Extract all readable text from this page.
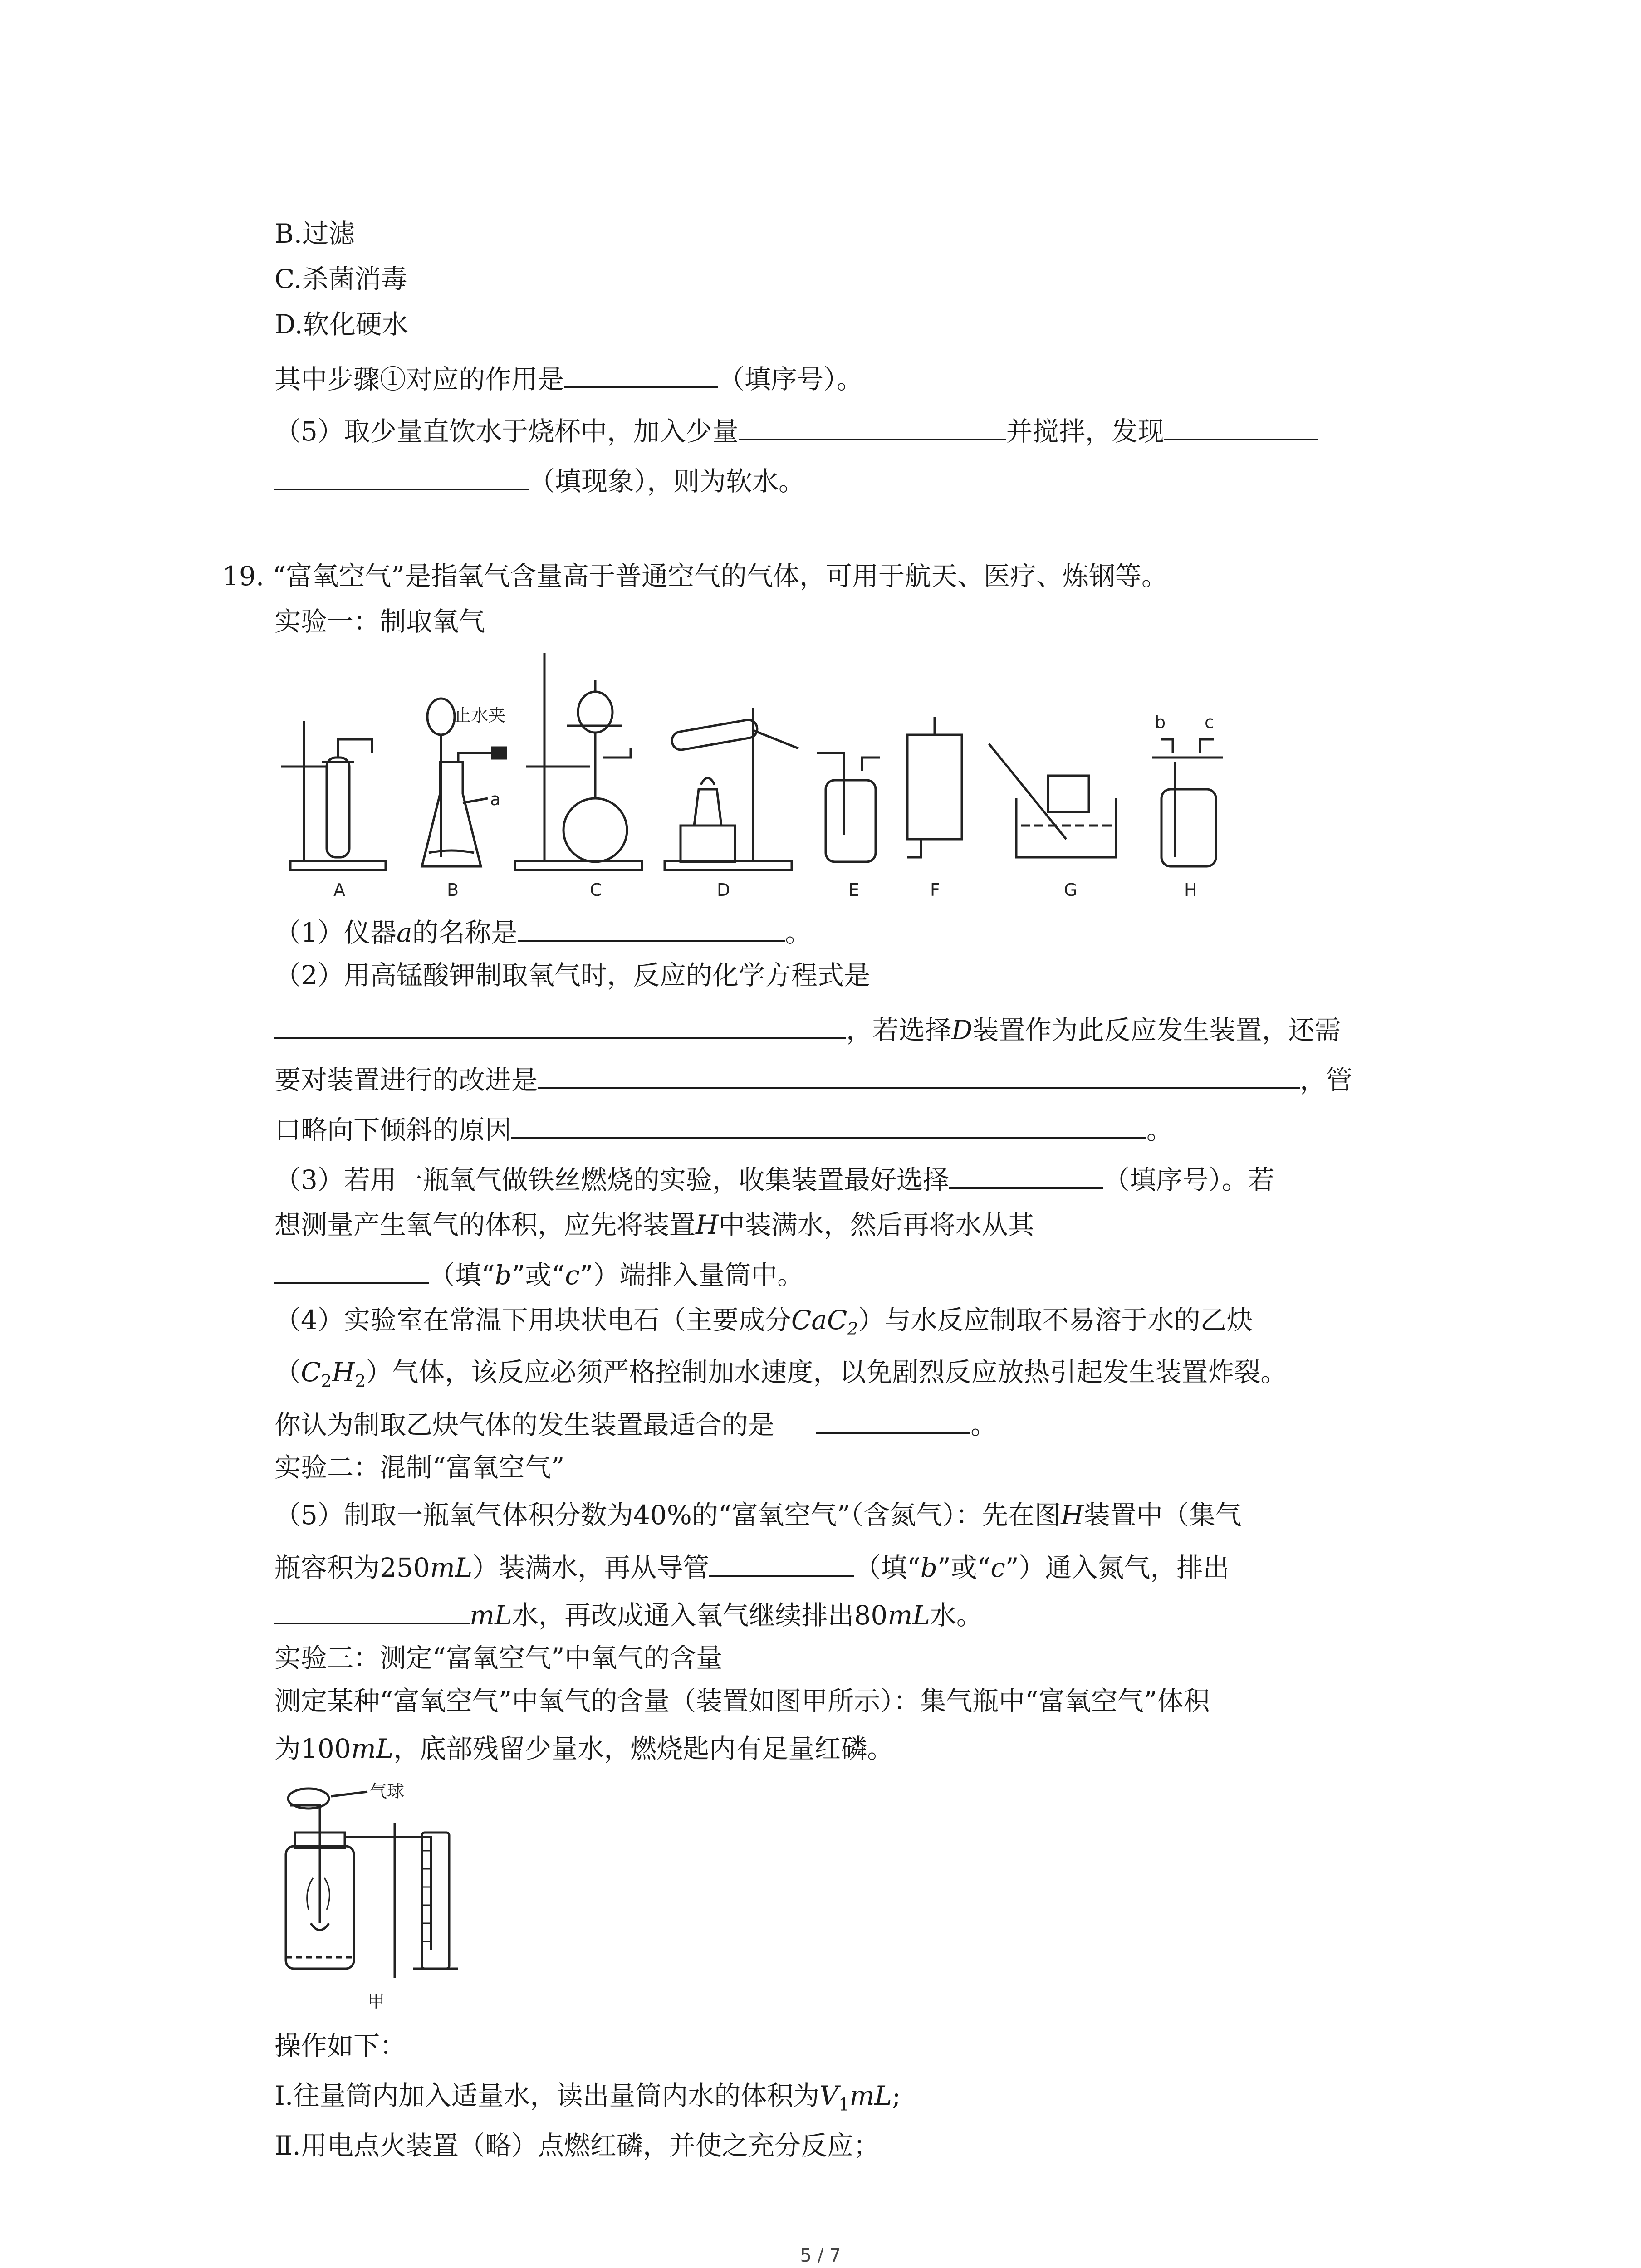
B.过滤
C.杀菌消毒
D.软化硬水
其中步骤①对应的作用是	（填序号）。
（5）取少量直饮水于烧杯中，加入少量	并搅拌，发现
（填现象），则为软水。
19. “富氧空气”是指氧气含量高于普通空气的气体，可用于航天、医疗、炼钢等。
实验一：制取氧气
A	B	C	D	E	F	G	H
止水夹
a
b c
（1）仪器a的名称是	。
（2）用高锰酸钾制取氧气时，反应的化学方程式是
，若选择D装置作为此反应发生装置，还需
要对装置进行的改进是	，管
口略向下倾斜的原因	。
（3）若用一瓶氧气做铁丝燃烧的实验，收集装置最好选择	（填序号）。若
想测量产生氧气的体积，应先将装置H中装满水，然后再将水从其
（填“b”或“c”）端排入量筒中。
（4）实验室在常温下用块状电石（主要成分CaC$_2$）与水反应制取不易溶于水的乙炔
$(C_2H_2)$气体，该反应必须严格控制加水速度，以免剧烈反应放热引起发生装置炸裂。
你认为制取乙炔气体的发生装置最适合的是	。
实验二：混制“富氧空气”
（5）制取一瓶氧气体积分数为40%的“富氧空气”（含氮气）：先在图H装置中（集气
瓶容积为250mL）装满水，再从导管	（填“b”或“c”）通入氮气，排出
mL水，再改成通入氧气继续排出80mL水。
实验三：测定“富氧空气”中氧气的含量
测定某种“富氧空气”中氧气的含量（装置如图甲所示）：集气瓶中“富氧空气”体积
为100mL，底部残留少量水，燃烧匙内有足量红磷。
气球
甲
操作如下：
Ⅰ.往量筒内加入适量水，读出量筒内水的体积为$V_1mL$;
Ⅱ.用电点火装置（略）点燃红磷，并使之充分反应；
5 / 7
